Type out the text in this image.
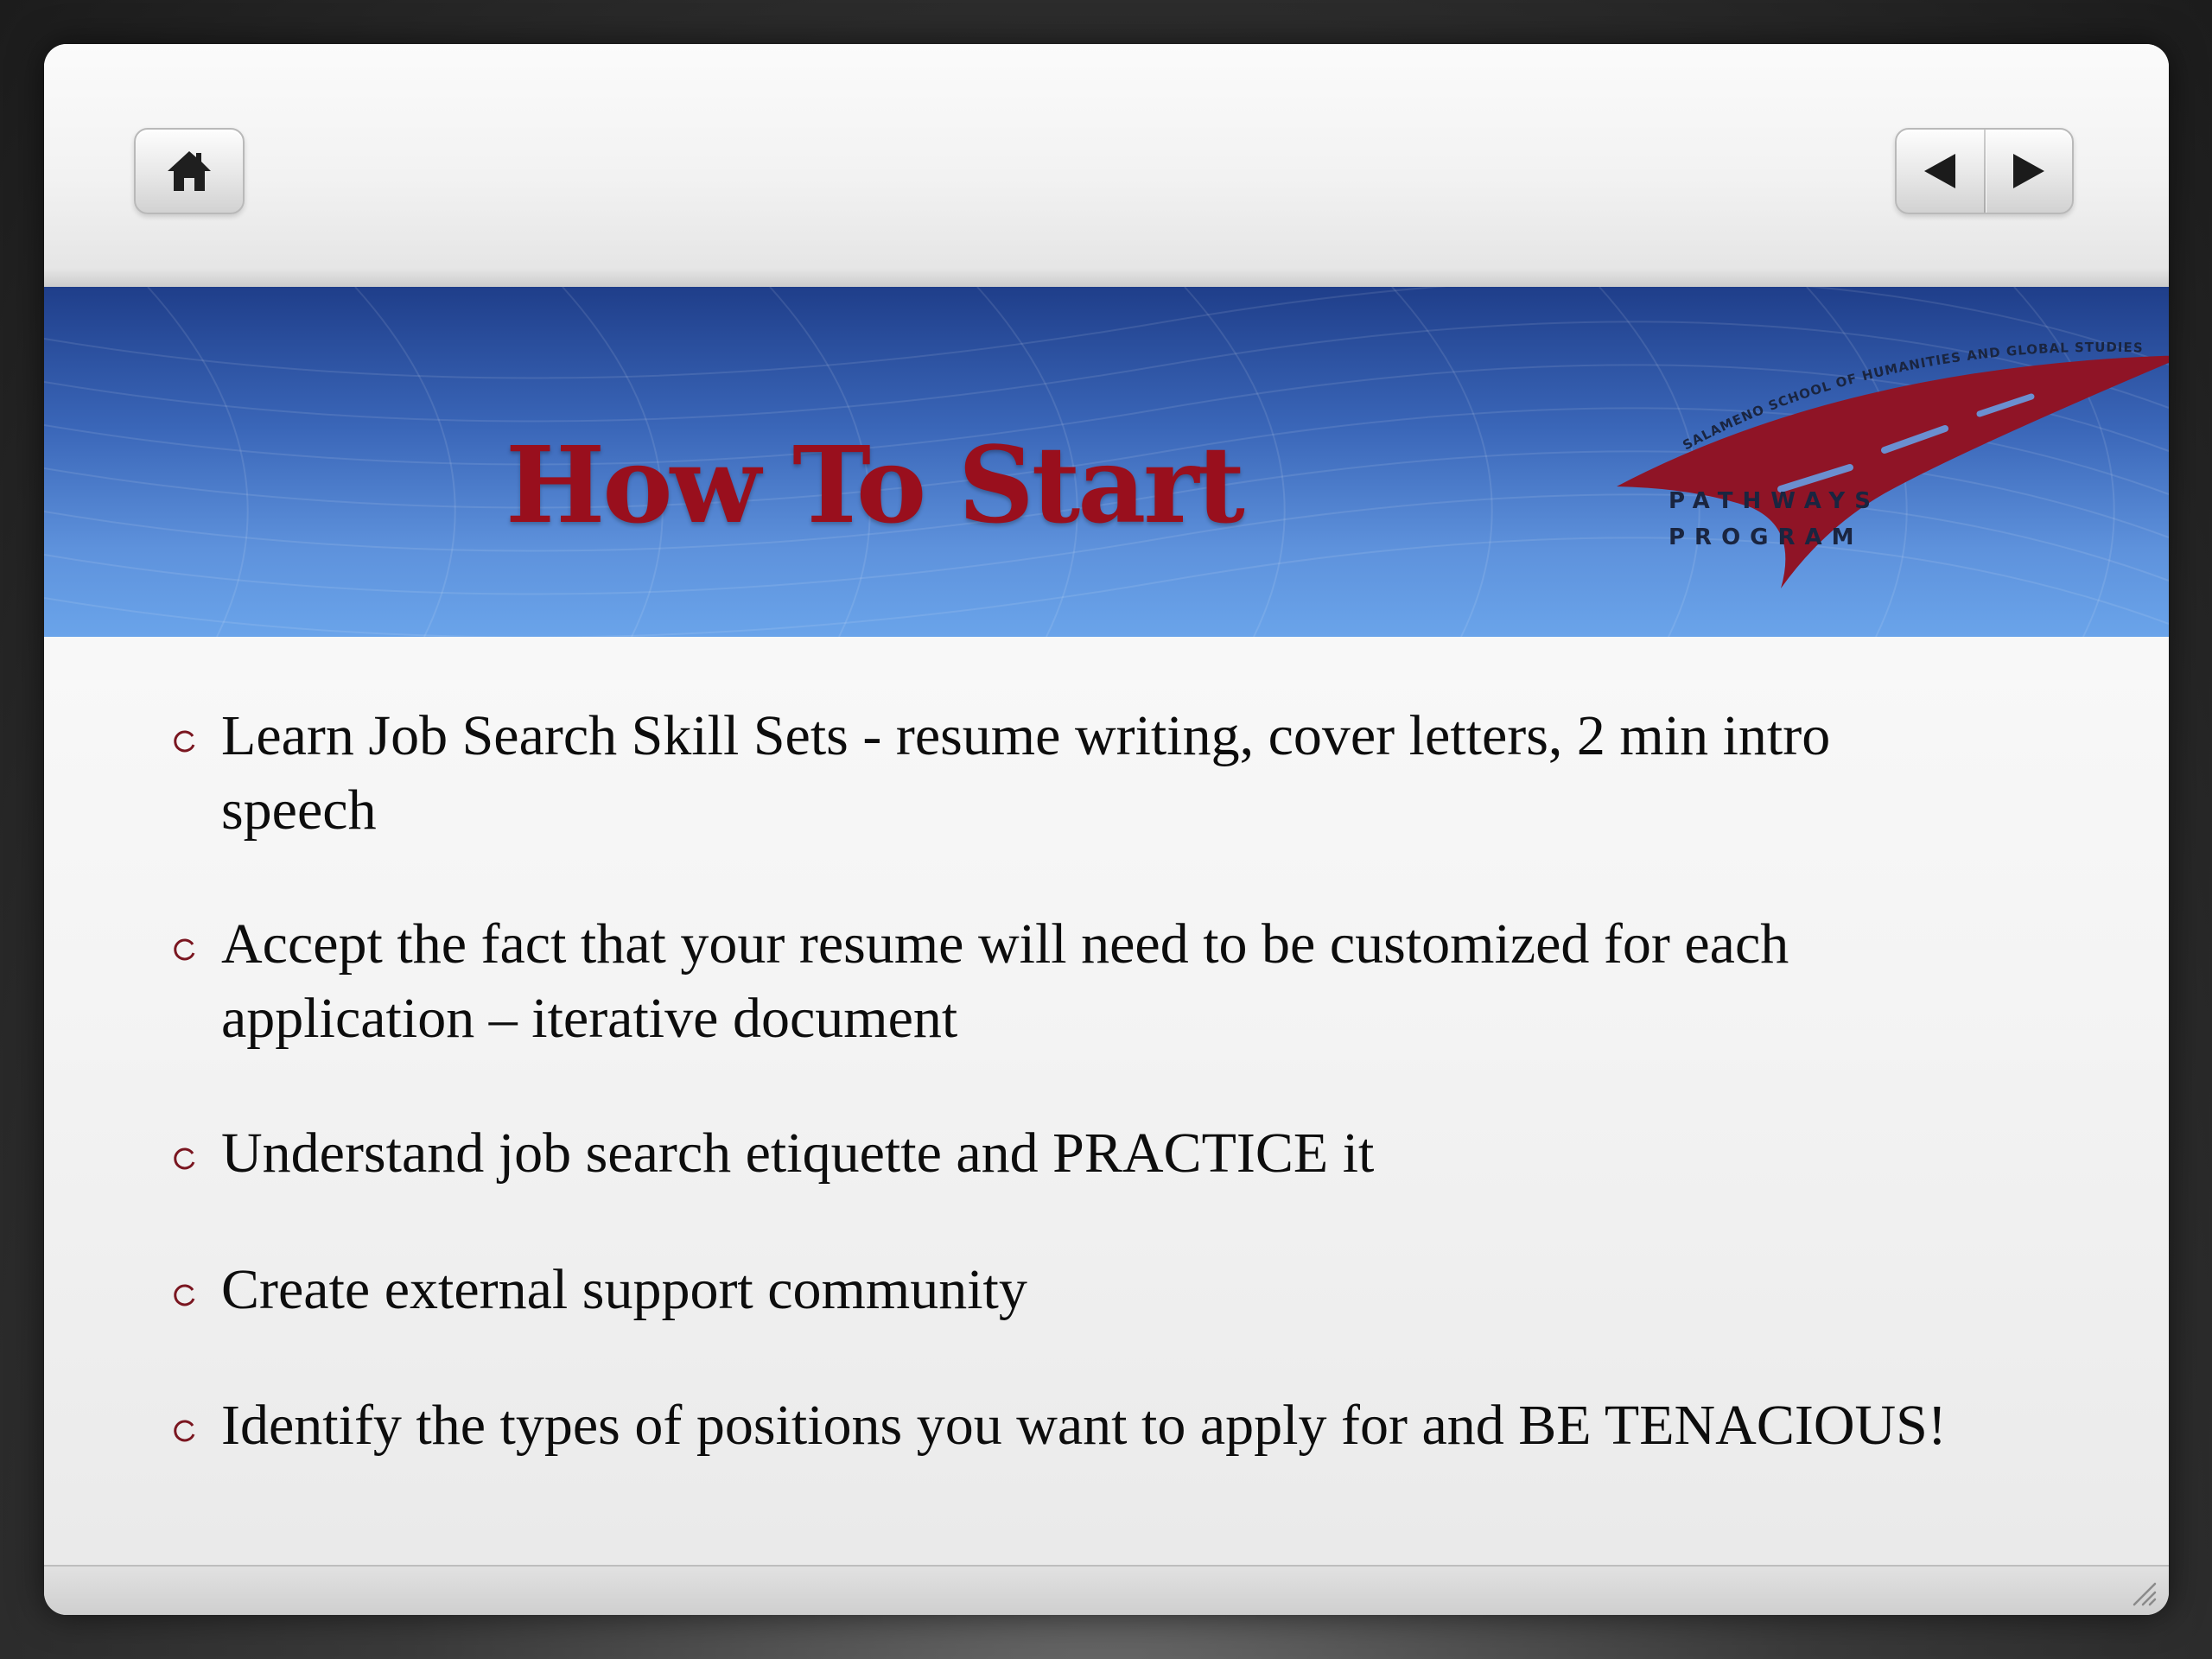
How To Start	SALAMENO SCHOOL OF HUMANITIES AND GLOBAL STUDIES
PATHWAYS
PROGRAM
Learn Job Search Skill Sets - resume writing, cover letters, 2 min intro
speech
Accept the fact that your resume will need to be customized for each
application – iterative document
Understand job search etiquette and PRACTICE it
Create external support community
Identify the types of positions you want to apply for and BE TENACIOUS!
